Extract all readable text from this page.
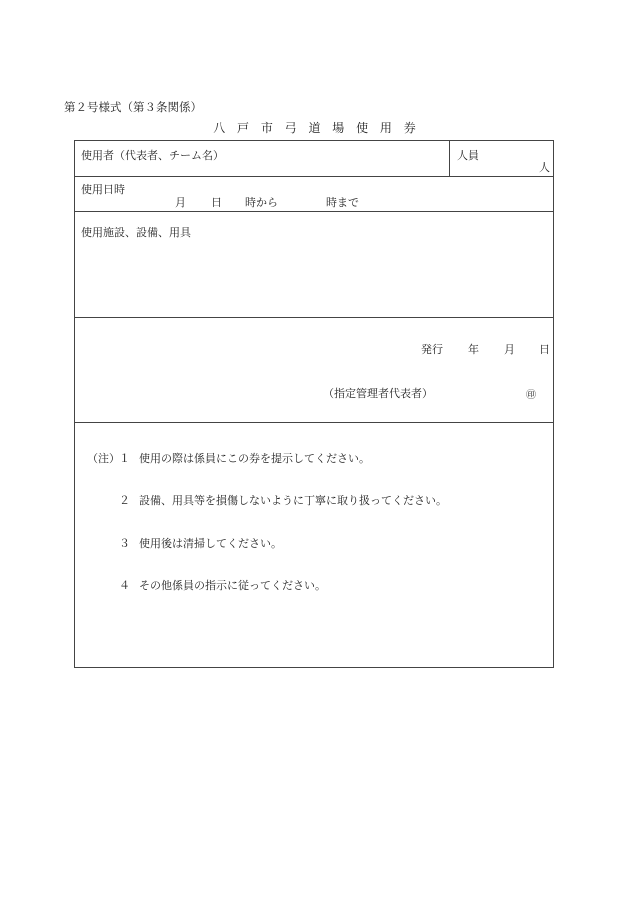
第２号様式（第３条関係）
八 戸 市 弓 道 場 使 用 券
使用者（代表者、チーム名）	人員
人
使用日時
月 日 時から	時まで
使用施設、設備、用具
発行 年 月 日
（指定管理者代表者）	㊞
（注） １ 使用の際は係員にこの券を提示してください。
２ 設備、用具等を損傷しないように丁寧に取り扱ってください。
３ 使用後は清掃してください。
４ その他係員の指示に従ってください。
